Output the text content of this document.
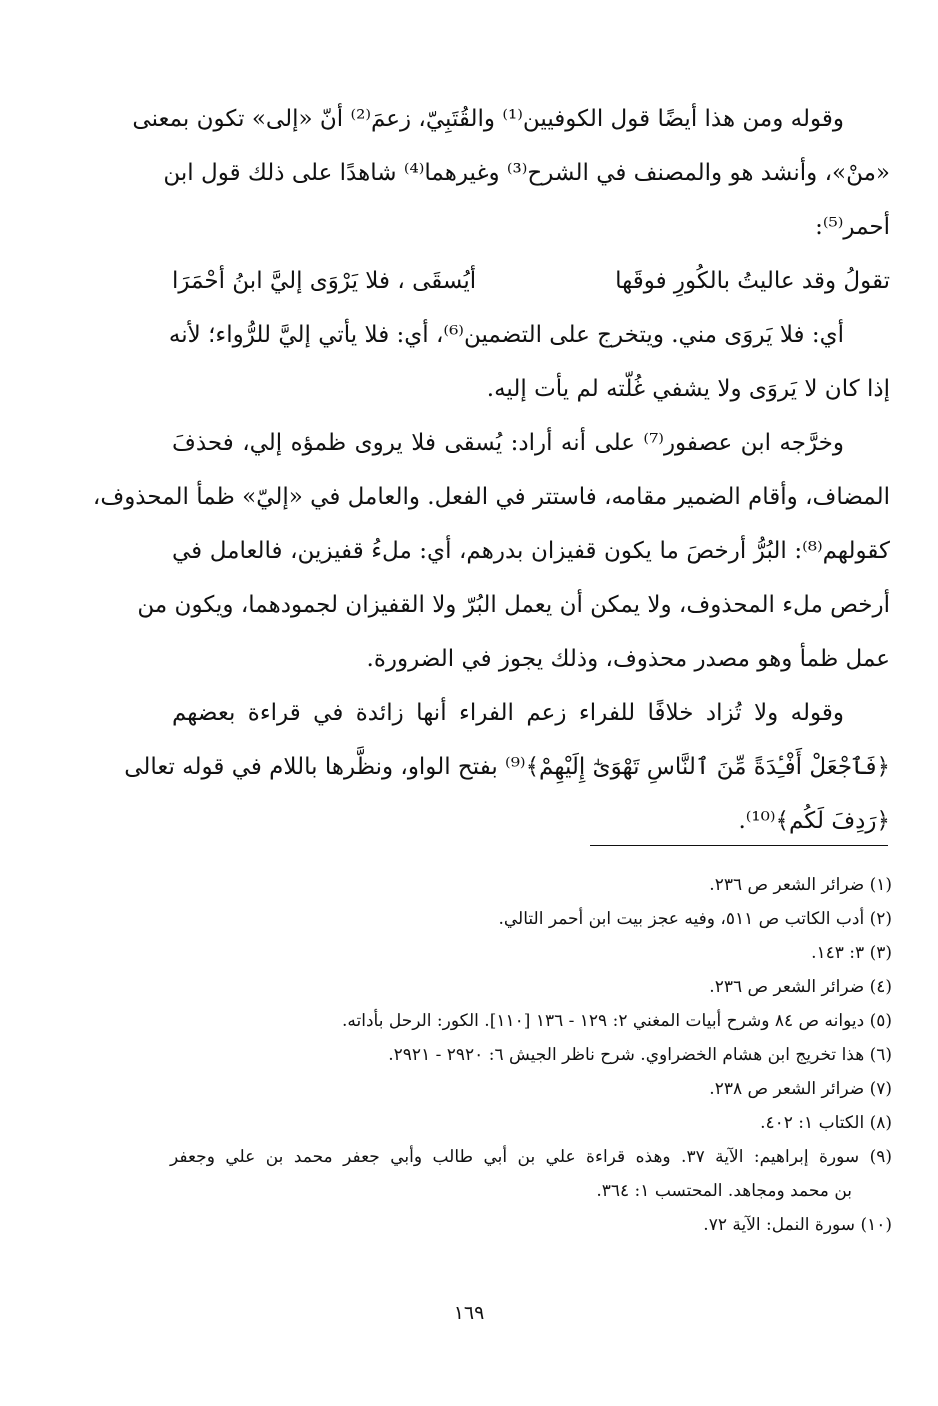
وقوله ومن هذا أيضًا قول الكوفيين⁽¹⁾ والقُتَبِيّ، زعمَ⁽²⁾ أنّ «إلى» تكون بمعنى
«منْ»، وأنشد هو والمصنف في الشرح⁽³⁾ وغيرهما⁽⁴⁾ شاهدًا على ذلك قول ابن
أحمر⁽⁵⁾:
تقولُ وقد عاليتُ بالكُورِ فوقَها
أيُسقَى ، فلا يَرْوَى إليَّ ابنُ أحْمَرَا
أي: فلا يَروَى مني. ويتخرج على التضمين⁽⁶⁾، أي: فلا يأتي إليَّ للرُّواء؛ لأنه
إذا كان لا يَروَى ولا يشفي غُلّته لم يأت إليه.
وخرَّجه ابن عصفور⁽⁷⁾ على أنه أراد: يُسقى فلا يروى ظمؤه إلي، فحذفَ
المضاف، وأقام الضمير مقامه، فاستتر في الفعل. والعامل في «إليّ» ظمأ المحذوف،
كقولهم⁽⁸⁾: البُرُّ أرخصَ ما يكون قفيزان بدرهم، أي: ملءُ قفيزين، فالعامل في
أرخص ملء المحذوف، ولا يمكن أن يعمل البُرّ ولا القفيزان لجمودهما، ويكون من
عمل ظمأ وهو مصدر محذوف، وذلك يجوز في الضرورة.
وقوله ولا تُزاد خلافًا للفراء زعم الفراء أنها زائدة في قراءة بعضهم
﴿فَٱجْعَلْ أَفْـِٔدَةً مِّنَ ٱلنَّاسِ تَهْوَىٰٓ إِلَيْهِمْ﴾⁽⁹⁾ بفتح الواو، ونظَّرها باللام في قوله تعالى
﴿رَدِفَ لَكُم﴾⁽¹⁰⁾.
(١) ضرائر الشعر ص ٢٣٦.
(٢) أدب الكاتب ص ٥١١، وفيه عجز بيت ابن أحمر التالي.
(٣) ٣: ١٤٣.
(٤) ضرائر الشعر ص ٢٣٦.
(٥) ديوانه ص ٨٤ وشرح أبيات المغني ٢: ١٢٩ - ١٣٦ [١١٠]. الكور: الرحل بأداته.
(٦) هذا تخريج ابن هشام الخضراوي. شرح ناظر الجيش ٦: ٢٩٢٠ - ٢٩٢١.
(٧) ضرائر الشعر ص ٢٣٨.
(٨) الكتاب ١: ٤٠٢.
(٩) سورة إبراهيم: الآية ٣٧. وهذه قراءة علي بن أبي طالب وأبي جعفر محمد بن علي وجعفر
بن محمد ومجاهد. المحتسب ١: ٣٦٤.
(١٠) سورة النمل: الآية ٧٢.
١٦٩
